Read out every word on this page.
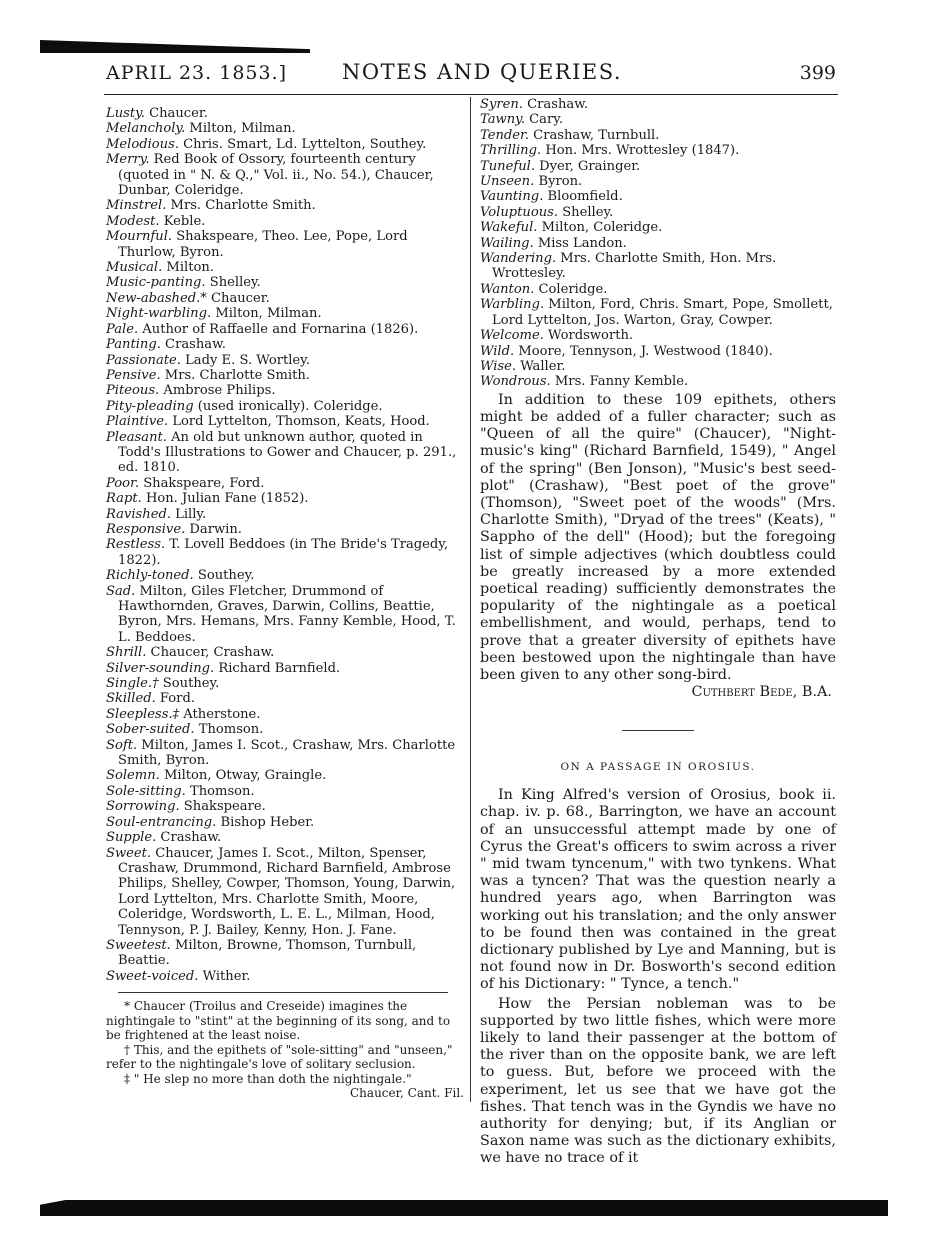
APRIL 23. 1853.]	NOTES AND QUERIES.	399
Lusty. Chaucer.
Melancholy. Milton, Milman.
Melodious. Chris. Smart, Ld. Lyttelton, Southey.
Merry. Red Book of Ossory, fourteenth century (quoted in " N. & Q.," Vol. ii., No. 54.), Chaucer, Dunbar, Coleridge.
Minstrel. Mrs. Charlotte Smith.
Modest. Keble.
Mournful. Shakspeare, Theo. Lee, Pope, Lord Thurlow, Byron.
Musical. Milton.
Music-panting. Shelley.
New-abashed.* Chaucer.
Night-warbling. Milton, Milman.
Pale. Author of Raffaelle and Fornarina (1826).
Panting. Crashaw.
Passionate. Lady E. S. Wortley.
Pensive. Mrs. Charlotte Smith.
Piteous. Ambrose Philips.
Pity-pleading (used ironically). Coleridge.
Plaintive. Lord Lyttelton, Thomson, Keats, Hood.
Pleasant. An old but unknown author, quoted in Todd's Illustrations to Gower and Chaucer, p. 291., ed. 1810.
Poor. Shakspeare, Ford.
Rapt. Hon. Julian Fane (1852).
Ravished. Lilly.
Responsive. Darwin.
Restless. T. Lovell Beddoes (in The Bride's Tragedy, 1822).
Richly-toned. Southey.
Sad. Milton, Giles Fletcher, Drummond of Hawthornden, Graves, Darwin, Collins, Beattie, Byron, Mrs. Hemans, Mrs. Fanny Kemble, Hood, T. L. Beddoes.
Shrill. Chaucer, Crashaw.
Silver-sounding. Richard Barnfield.
Single.† Southey.
Skilled. Ford.
Sleepless.‡ Atherstone.
Sober-suited. Thomson.
Soft. Milton, James I. Scot., Crashaw, Mrs. Charlotte Smith, Byron.
Solemn. Milton, Otway, Graingle.
Sole-sitting. Thomson.
Sorrowing. Shakspeare.
Soul-entrancing. Bishop Heber.
Supple. Crashaw.
Sweet. Chaucer, James I. Scot., Milton, Spenser, Crashaw, Drummond, Richard Barnfield, Ambrose Philips, Shelley, Cowper, Thomson, Young, Darwin, Lord Lyttelton, Mrs. Charlotte Smith, Moore, Coleridge, Wordsworth, L. E. L., Milman, Hood, Tennyson, P. J. Bailey, Kenny, Hon. J. Fane.
Sweetest. Milton, Browne, Thomson, Turnbull, Beattie.
Sweet-voiced. Wither.
* Chaucer (Troilus and Creseide) imagines the nightingale to "stint" at the beginning of its song, and to be frightened at the least noise.
† This, and the epithets of "sole-sitting" and "unseen," refer to the nightingale's love of solitary seclusion.
‡ " He slep no more than doth the nightingale."
Chaucer, Cant. Fil.
Syren. Crashaw.
Tawny. Cary.
Tender. Crashaw, Turnbull.
Thrilling. Hon. Mrs. Wrottesley (1847).
Tuneful. Dyer, Grainger.
Unseen. Byron.
Vaunting. Bloomfield.
Voluptuous. Shelley.
Wakeful. Milton, Coleridge.
Wailing. Miss Landon.
Wandering. Mrs. Charlotte Smith, Hon. Mrs. Wrottesley.
Wanton. Coleridge.
Warbling. Milton, Ford, Chris. Smart, Pope, Smollett, Lord Lyttelton, Jos. Warton, Gray, Cowper.
Welcome. Wordsworth.
Wild. Moore, Tennyson, J. Westwood (1840).
Wise. Waller.
Wondrous. Mrs. Fanny Kemble.

In addition to these 109 epithets, others might be added of a fuller character; such as "Queen of all the quire" (Chaucer), "Night-music's king" (Richard Barnfield, 1549), " Angel of the spring" (Ben Jonson), "Music's best seed-plot" (Crashaw), "Best poet of the grove" (Thomson), "Sweet poet of the woods" (Mrs. Charlotte Smith), "Dryad of the trees" (Keats), " Sappho of the dell" (Hood); but the foregoing list of simple adjectives (which doubtless could be greatly increased by a more extended poetical reading) sufficiently demonstrates the popularity of the nightingale as a poetical embellishment, and would, perhaps, tend to prove that a greater diversity of epithets have been bestowed upon the nightingale than have been given to any other song-bird.

Cuthbert Bede, B.A.
ON A PASSAGE IN OROSIUS.

In King Alfred's version of Orosius, book ii. chap. iv. p. 68., Barrington, we have an account of an unsuccessful attempt made by one of Cyrus the Great's officers to swim across a river " mid twam tyncenum," with two tynkens. What was a tyncen? That was the question nearly a hundred years ago, when Barrington was working out his translation; and the only answer to be found then was contained in the great dictionary published by Lye and Manning, but is not found now in Dr. Bosworth's second edition of his Dictionary: " Tynce, a tench."

How the Persian nobleman was to be supported by two little fishes, which were more likely to land their passenger at the bottom of the river than on the opposite bank, we are left to guess. But, before we proceed with the experiment, let us see that we have got the fishes. That tench was in the Gyndis we have no authority for denying; but, if its Anglian or Saxon name was such as the dictionary exhibits, we have no trace of it
